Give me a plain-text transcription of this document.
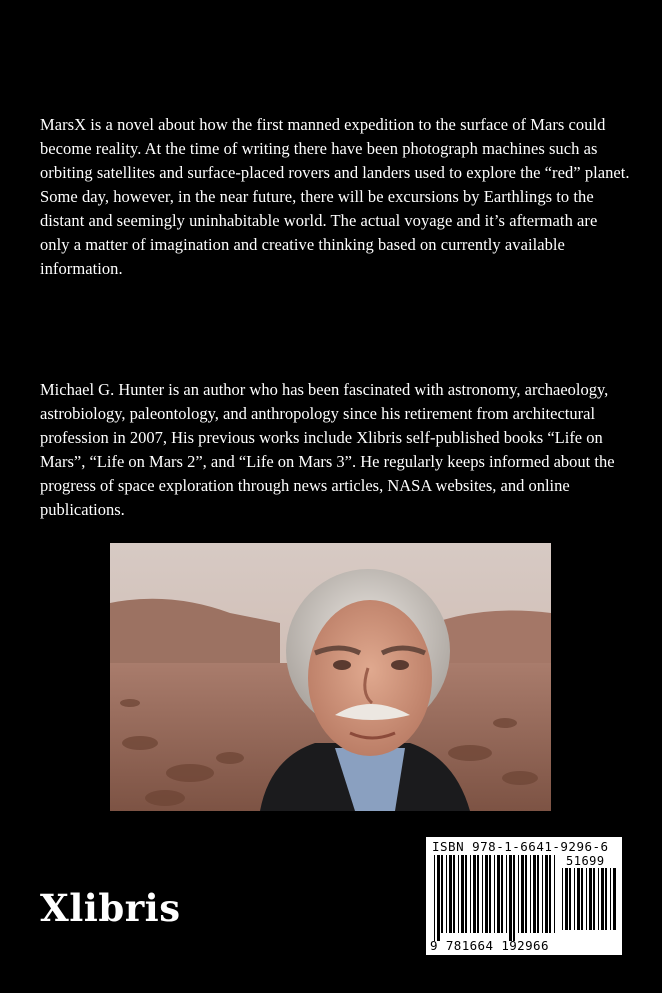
MarsX is a novel about how the first manned expedition to the surface of Mars could become reality. At the time of writing there have been photograph machines such as orbiting satellites and surface-placed rovers and landers used to explore the “red” planet. Some day, however, in the near future, there will be excursions by Earthlings to the distant and seemingly uninhabitable world. The actual voyage and it’s aftermath are only a matter of imagination and creative thinking based on currently available information.
Michael G. Hunter is an author who has been fascinated with astronomy, archaeology, astrobiology, paleontology, and anthropology since his retirement from architectural profession in 2007, His previous works include Xlibris self-published books “Life on Mars”, “Life on Mars 2”, and “Life on Mars 3”. He regularly keeps informed about the progress of space exploration through news articles, NASA websites, and online publications.
Xlibris
ISBN 978-1-6641-9296-6
51699
9 781664 192966
